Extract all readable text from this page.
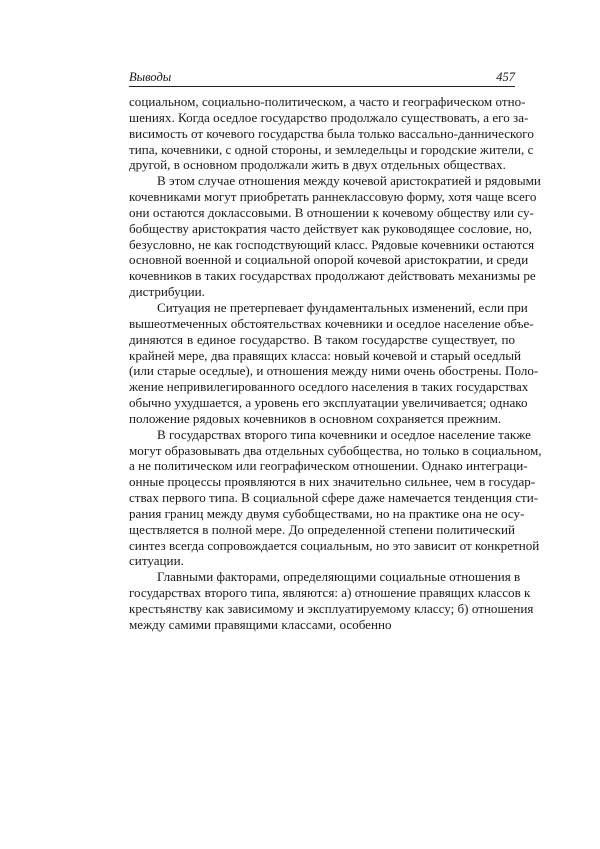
Выводы	457
социальном, социально-политическом, а часто и географическом отно-
шениях. Когда оседлое государство продолжало существовать, а его за-
висимость от кочевого государства была только вассально-даннического
типа, кочевники, с одной стороны, и земледельцы и городские жители, с
другой, в основном продолжали жить в двух отдельных обществах.
В этом случае отношения между кочевой аристократией и рядовыми
кочевниками могут приобретать раннеклассовую форму, хотя чаще всего
они остаются доклассовыми. В отношении к кочевому обществу или су-
бобществу аристократия часто действует как руководящее сословие, но,
безусловно, не как господствующий класс. Рядовые кочевники остаются
основной военной и социальной опорой кочевой аристократии, и среди
кочевников в таких государствах продолжают действовать механизмы ре
дистрибуции.
Ситуация не претерпевает фундаментальных изменений, если при
вышеотмеченных обстоятельствах кочевники и оседлое население объе-
диняются в единое государство. В таком государстве существует, по
крайней мере, два правящих класса: новый кочевой и старый оседлый
(или старые оседлые), и отношения между ними очень обострены. Поло-
жение непривилегированного оседлого населения в таких государствах
обычно ухудшается, а уровень его эксплуатации увеличивается; однако
положение рядовых кочевников в основном сохраняется прежним.
В государствах второго типа кочевники и оседлое население также
могут образовывать два отдельных субобщества, но только в социальном,
а не политическом или географическом отношении. Однако интеграци-
онные процессы проявляются в них значительно сильнее, чем в государ-
ствах первого типа. В социальной сфере даже намечается тенденция сти-
рания границ между двумя субобществами, но на практике она не осу-
ществляется в полной мере. До определенной степени политический
синтез всегда сопровождается социальным, но это зависит от конкретной
ситуации.
Главными факторами, определяющими социальные отношения в
государствах второго типа, являются: а) отношение правящих классов к
крестьянству как зависимому и эксплуатируемому классу; б) отношения
между самими правящими классами, особенно
